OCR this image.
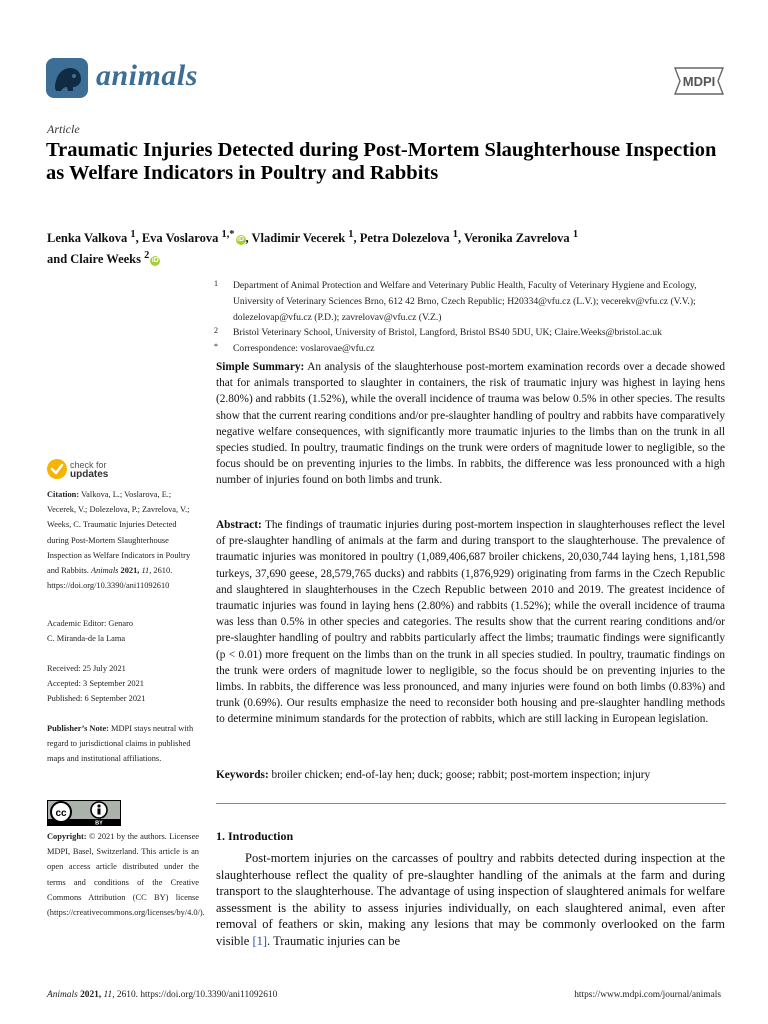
animals	MDPI
Article
Traumatic Injuries Detected during Post-Mortem Slaughterhouse Inspection as Welfare Indicators in Poultry and Rabbits
Lenka Valkova $^1$, Eva Voslarova $^{1,*}$ iD , Vladimir Vecerek $^1$, Petra Dolezelova $^1$, Veronika Zavrelova $^1$
and Claire Weeks $^2$ iD
1 Department of Animal Protection and Welfare and Veterinary Public Health, Faculty of Veterinary Hygiene and Ecology, University of Veterinary Sciences Brno, 612 42 Brno, Czech Republic; H20334@vfu.cz (L.V.); vecerekv@vfu.cz (V.V.); dolezelovap@vfu.cz (P.D.); zavrelovav@vfu.cz (V.Z.)
2 Bristol Veterinary School, University of Bristol, Langford, Bristol BS40 5DU, UK; Claire.Weeks@bristol.ac.uk
* Correspondence: voslarovae@vfu.cz
Simple Summary: An analysis of the slaughterhouse post-mortem examination records over a decade showed that for animals transported to slaughter in containers, the risk of traumatic injury was highest in laying hens (2.80%) and rabbits (1.52%), while the overall incidence of trauma was below 0.5% in other species. The results show that the current rearing conditions and/or pre-slaughter handling of poultry and rabbits have comparatively negative welfare consequences, with significantly more traumatic injuries to the limbs than on the trunk in all species studied. In poultry, traumatic findings on the trunk were orders of magnitude lower to negligible, so the focus should be on preventing injuries to the limbs. In rabbits, the difference was less pronounced with a high number of injuries found on both limbs and trunk.
Abstract: The findings of traumatic injuries during post-mortem inspection in slaughterhouses reflect the level of pre-slaughter handling of animals at the farm and during transport to the slaughterhouse. The prevalence of traumatic injuries was monitored in poultry (1,089,406,687 broiler chickens, 20,030,744 laying hens, 1,181,598 turkeys, 37,690 geese, 28,579,765 ducks) and rabbits (1,876,929) originating from farms in the Czech Republic and slaughtered in slaughterhouses in the Czech Republic between 2010 and 2019. The greatest incidence of traumatic injuries was found in laying hens (2.80%) and rabbits (1.52%); while the overall incidence of trauma was less than 0.5% in other species and categories. The results show that the current rearing conditions and/or pre-slaughter handling of poultry and rabbits particularly affect the limbs; traumatic findings were significantly (p < 0.01) more frequent on the limbs than on the trunk in all species studied. In poultry, traumatic findings on the trunk were orders of magnitude lower to negligible, so the focus should be on preventing injuries to the limbs. In rabbits, the difference was less pronounced, and many injuries were found on both limbs (0.83%) and trunk (0.69%). Our results emphasize the need to reconsider both housing and pre-slaughter handling methods to determine minimum standards for the protection of rabbits, which are still lacking in European legislation.
Keywords: broiler chicken; end-of-lay hen; duck; goose; rabbit; post-mortem inspection; injury
1. Introduction
Post-mortem injuries on the carcasses of poultry and rabbits detected during inspection at the slaughterhouse reflect the quality of pre-slaughter handling of the animals at the farm and during transport to the slaughterhouse. The advantage of using inspection of slaughtered animals for welfare assessment is the ability to assess injuries individually, on each slaughtered animal, even after removal of feathers or skin, making any lesions that may be commonly overlooked on the farm visible [1]. Traumatic injuries can be
check for
updates
Citation: Valkova, L.; Voslarova, E.; Vecerek, V.; Dolezelova, P.; Zavrelova, V.; Weeks, C. Traumatic Injuries Detected during Post-Mortem Slaughterhouse Inspection as Welfare Indicators in Poultry and Rabbits. Animals 2021, 11, 2610. https://doi.org/10.3390/ani11092610
Academic Editor: Genaro
C. Miranda-de la Lama
Received: 25 July 2021
Accepted: 3 September 2021
Published: 6 September 2021
Publisher’s Note: MDPI stays neutral with regard to jurisdictional claims in published maps and institutional affiliations.
cc
BY
Copyright: © 2021 by the authors. Licensee MDPI, Basel, Switzerland. This article is an open access article distributed under the terms and conditions of the Creative Commons Attribution (CC BY) license (https://creativecommons.org/licenses/by/4.0/).
Animals 2021, 11, 2610. https://doi.org/10.3390/ani11092610	https://www.mdpi.com/journal/animals
